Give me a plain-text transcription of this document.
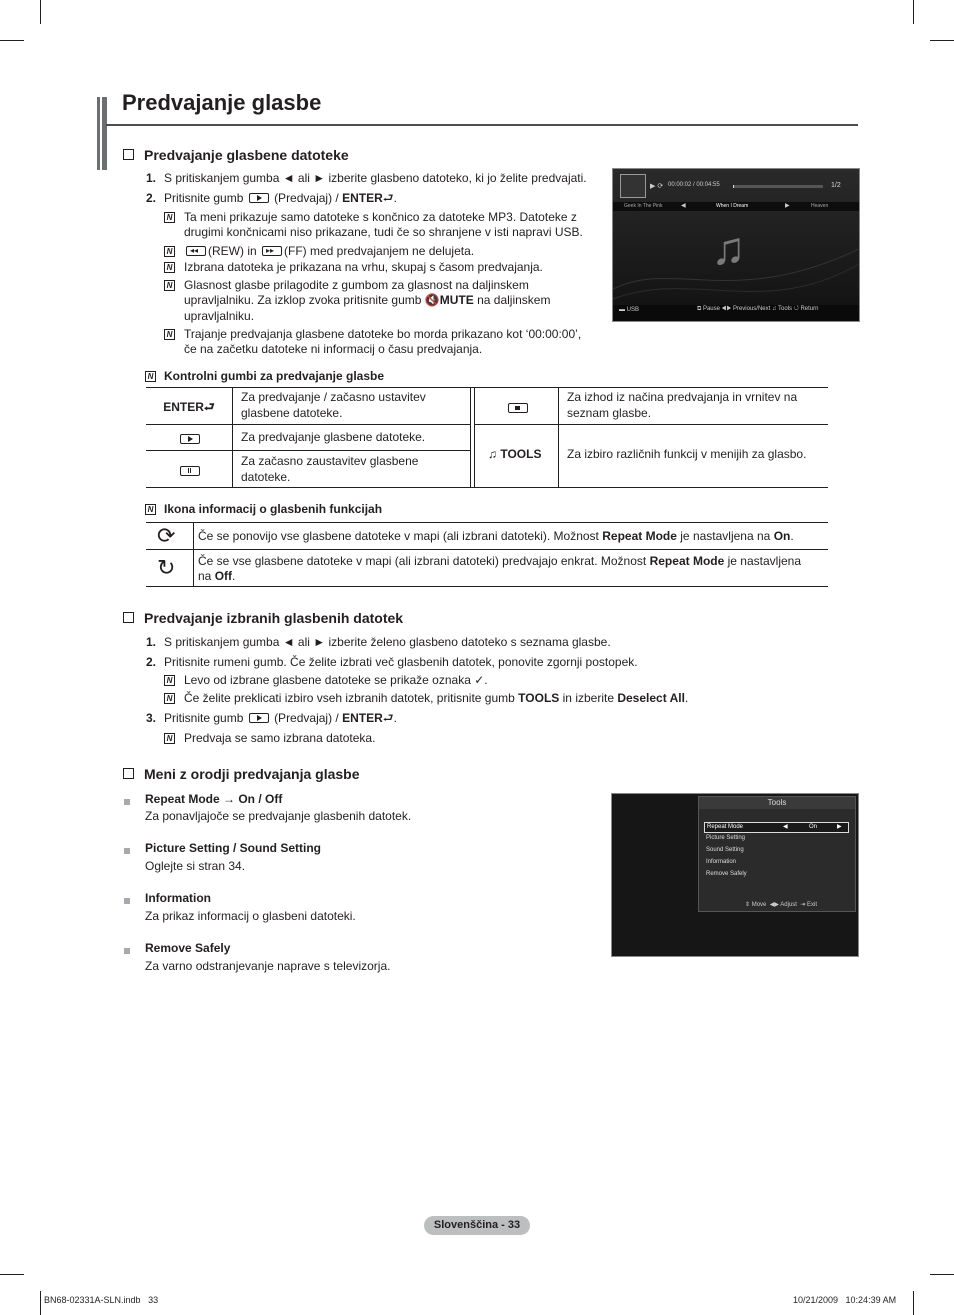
Predvajanje glasbe
Predvajanje glasbene datoteke
1. S pritiskanjem gumba ◄ ali ► izberite glasbeno datoteko, ki jo želite predvajati.
2. Pritisnite gumb	(Predvajaj) / ENTER⮐.
N Ta meni prikazuje samo datoteke s končnico za datoteke MP3. Datoteke z
drugimi končnicami niso prikazane, tudi če so shranjene v isti napravi USB.
N ◂◂	(REW) in ▸▸ (FF) med predvajanjem ne delujeta.
N Izbrana datoteka je prikazana na vrhu, skupaj s časom predvajanja.
N Glasnost glasbe prilagodite z gumbom za glasnost na daljinskem
upravljalniku. Za izklop zvoka pritisnite gumb 🔇MUTE na daljinskem
upravljalniku.
N Trajanje predvajanja glasbene datoteke bo morda prikazano kot ‘00:00:00’,
če na začetku datoteke ni informacij o času predvajanja.
▶ ⟳ 00:00:02 / 00:04:55	1/2
Geek In The Pink	◀	When I Dream	▶	Heaven
♫
▬ USB	⧉ Pause ◀▶ Previous/Next ♫ Tools ↺ Return
N Kontrolni gumbi za predvajanje glasbe
ENTER⮐
Za predvajanje / začasno ustavitev glasbene datoteke.
Za predvajanje glasbene datoteke.
Za začasno zaustavitev glasbene datoteke.
Za izhod iz načina predvajanja in vrnitev na seznam glasbe.
♫ TOOLS Za izbiro različnih funkcij v menijih za glasbo.
N Ikona informacij o glasbenih funkcijah
⟳ Če se ponovijo vse glasbene datoteke v mapi (ali izbrani datoteki). Možnost Repeat Mode je nastavljena na On.
↻ Če se vse glasbene datoteke v mapi (ali izbrani datoteki) predvajajo enkrat. Možnost Repeat Mode je nastavljena
na Off.
Predvajanje izbranih glasbenih datotek
1. S pritiskanjem gumba ◄ ali ► izberite želeno glasbeno datoteko s seznama glasbe.
2. Pritisnite rumeni gumb. Če želite izbrati več glasbenih datotek, ponovite zgornji postopek.
N Levo od izbrane glasbene datoteke se prikaže oznaka ✓.
N Če želite preklicati izbiro vseh izbranih datotek, pritisnite gumb TOOLS in izberite Deselect All.
3. Pritisnite gumb	(Predvajaj) / ENTER⮐.
N Predvaja se samo izbrana datoteka.
Meni z orodji predvajanja glasbe
Repeat Mode → On / Off
Za ponavljajoče se predvajanje glasbenih datotek.
Picture Setting / Sound Setting
Oglejte si stran 34.
Information
Za prikaz informacij o glasbeni datoteki.
Remove Safely
Za varno odstranjevanje naprave s televizorja.
Tools
Repeat Mode	◀	On	▶
Picture Setting
Sound Setting
Information
Remove Safely
⇕ Move ◀▶ Adjust ⇥ Exit
Slovenščina - 33
BN68-02331A-SLN.indb   33	10/21/2009   10:24:39 AM
